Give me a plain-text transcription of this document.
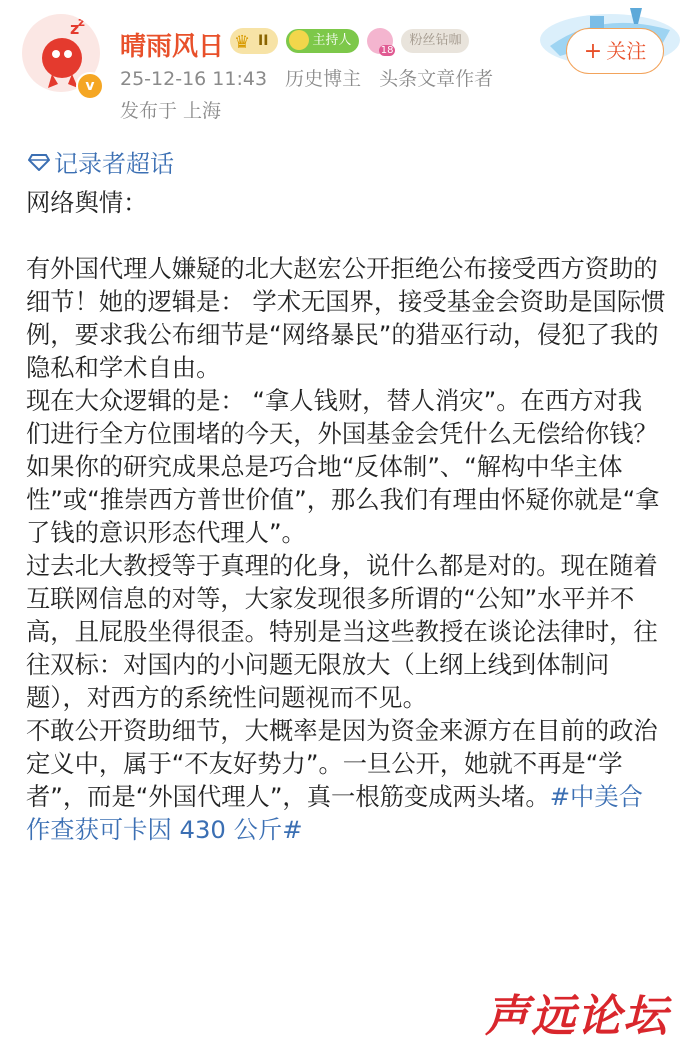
z
z
v
晴雨风日 ♛ II	主持人
18
粉丝钻咖
25-12-16 11:43 历史博主 头条文章作者
发布于 上海
+ 关注
记录者超话

网络舆情：

有外国代理人嫌疑的北大赵宏公开拒绝公布接受西方资助的细节！她的逻辑是： 学术无国界，接受基金会资助是国际惯例，要求我公布细节是“网络暴民”的猎巫行动，侵犯了我的隐私和学术自由。

现在大众逻辑的是： “拿人钱财，替人消灾”。在西方对我们进行全方位围堵的今天，外国基金会凭什么无偿给你钱？如果你的研究成果总是巧合地“反体制”、“解构中华主体性”或“推崇西方普世价值”，那么我们有理由怀疑你就是“拿了钱的意识形态代理人”。

过去北大教授等于真理的化身，说什么都是对的。现在随着互联网信息的对等，大家发现很多所谓的“公知”水平并不高，且屁股坐得很歪。特别是当这些教授在谈论法律时，往往双标：对国内的小问题无限放大（上纲上线到体制问题），对西方的系统性问题视而不见。

不敢公开资助细节，大概率是因为资金来源方在目前的政治定义中，属于“不友好势力”。一旦公开，她就不再是“学者”，而是“外国代理人”，真一根筋变成两头堵。#中美合作查获可卡因 430 公斤#

声远论坛
